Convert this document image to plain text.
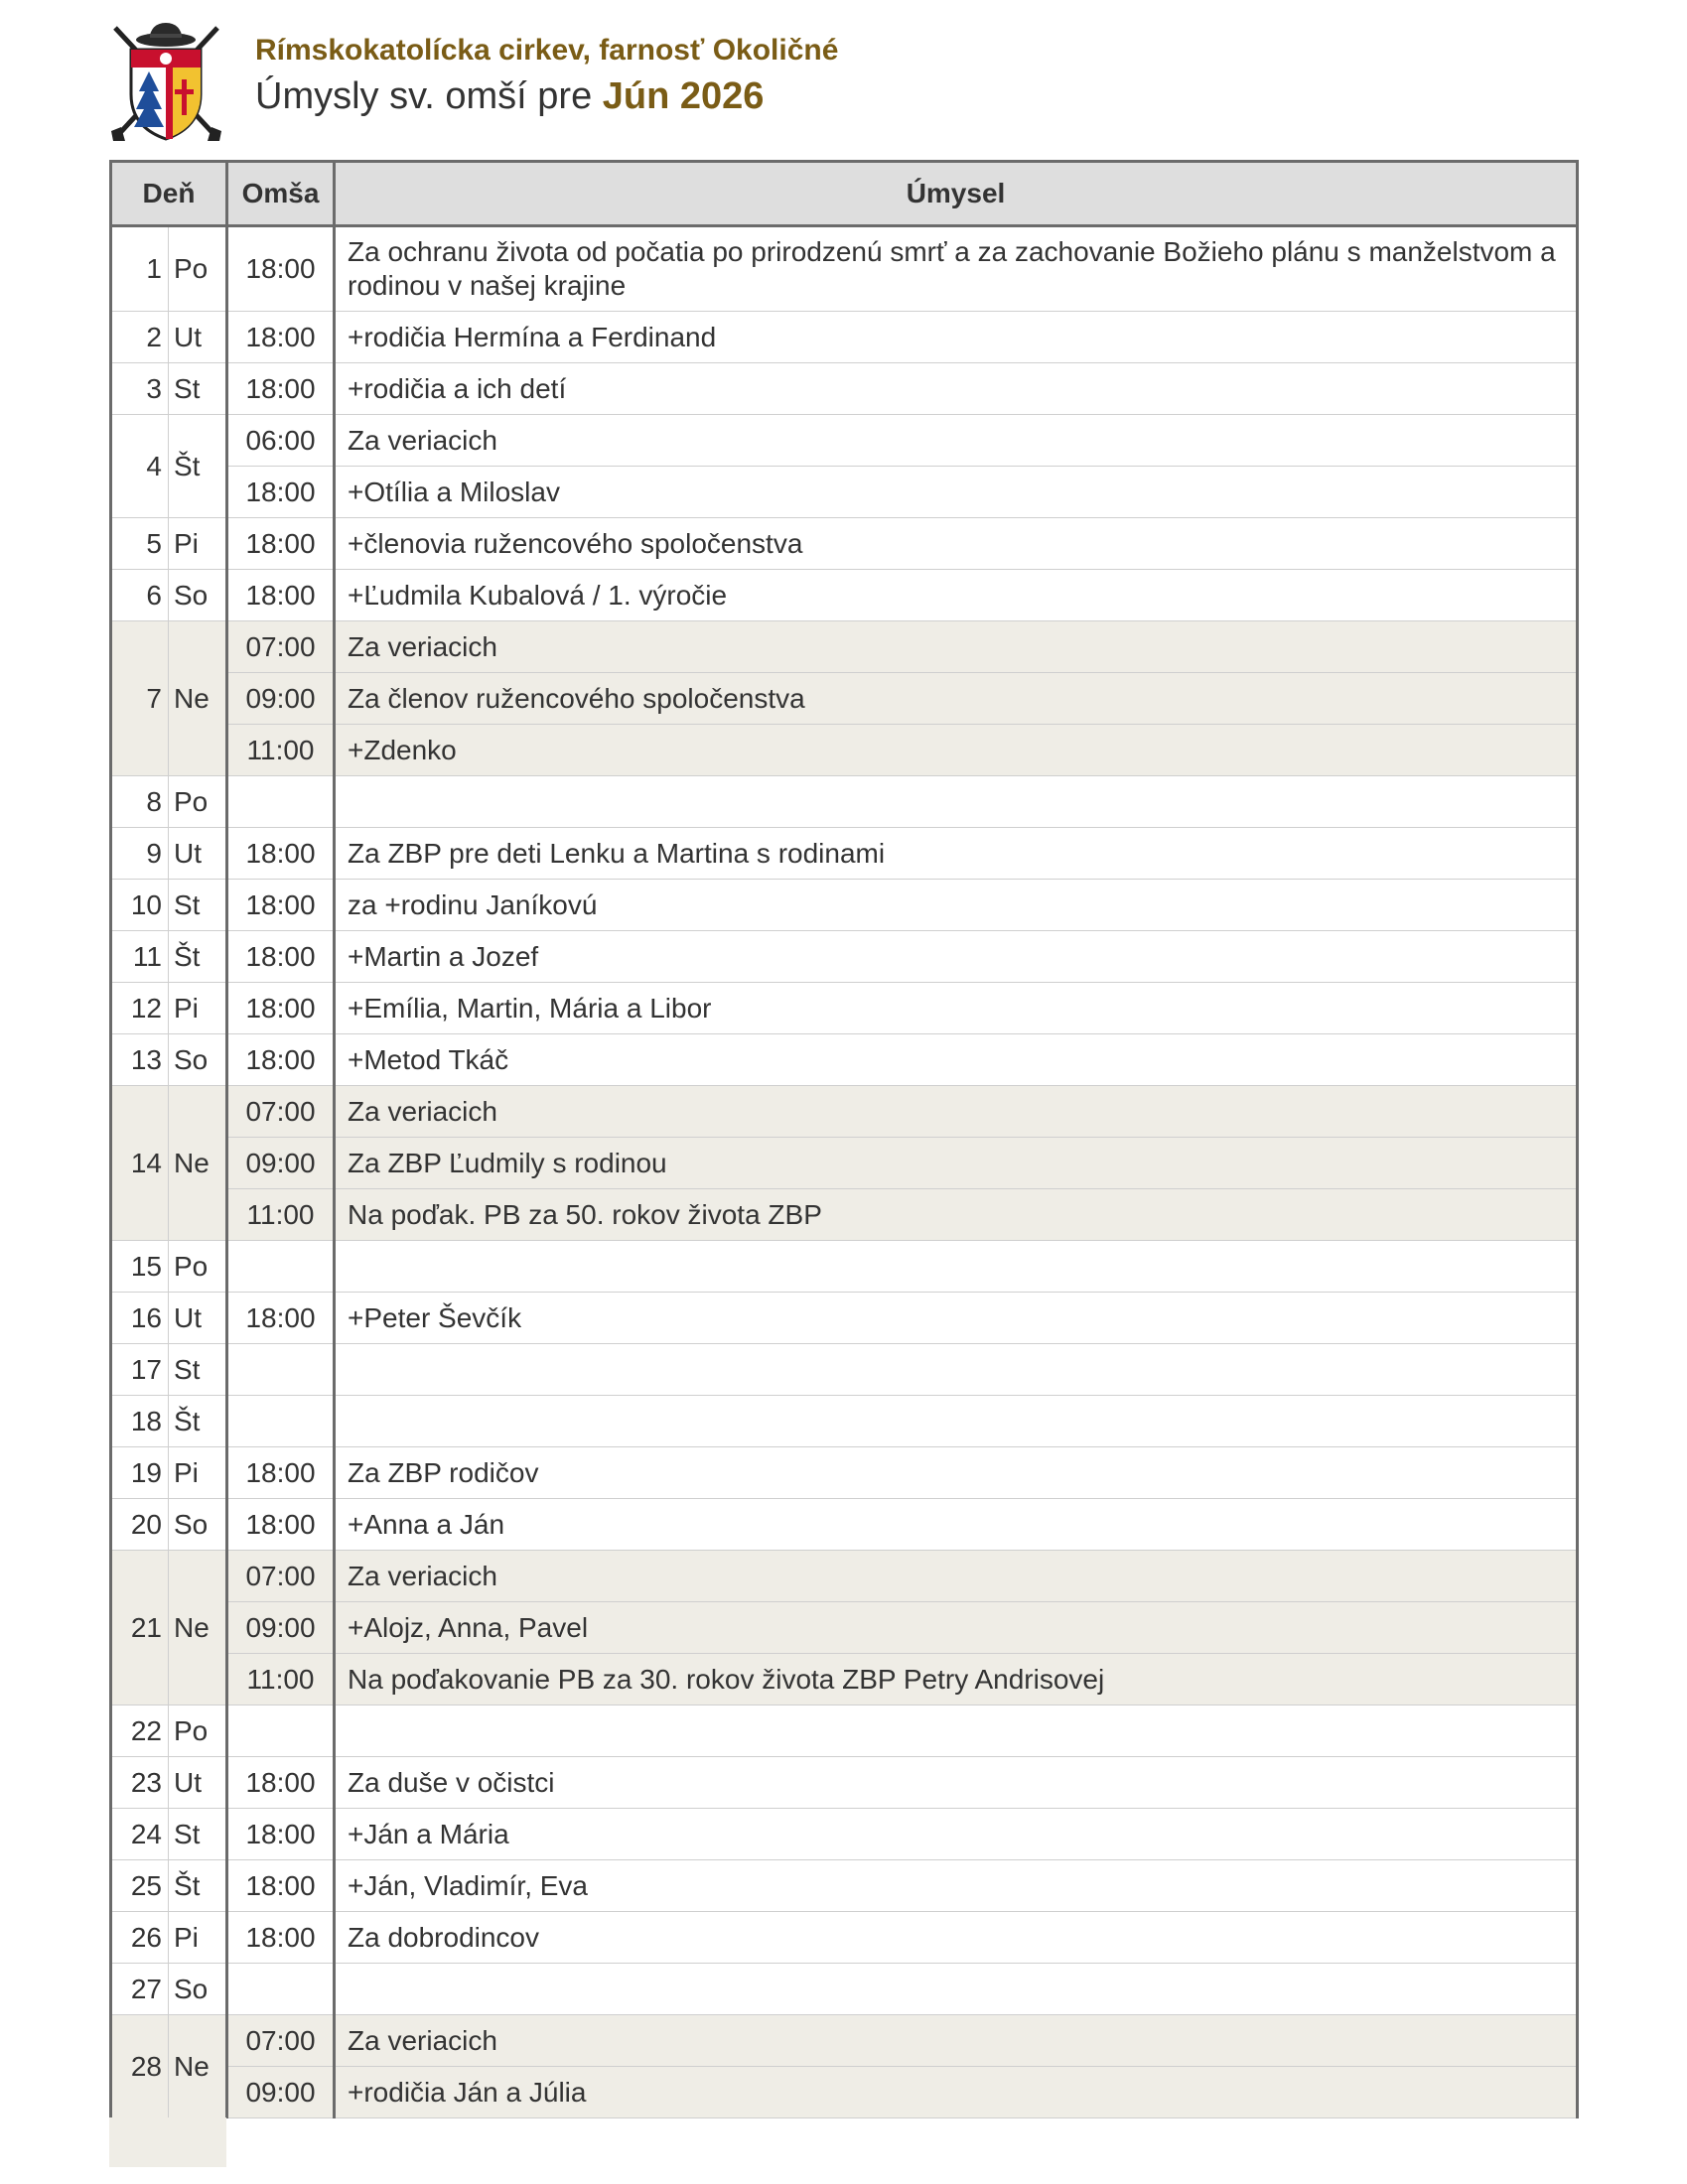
Rímskokatolícka cirkev, farnosť Okoličné
Úmysly sv. omší pre Jún 2026
Deň		Omša	Úmysel
1	Po	18:00	Za ochranu života od počatia po prirodzenú smrť a za zachovanie Božieho plánu s manželstvom a rodinou v našej krajine
2	Ut	18:00	+rodičia Hermína a Ferdinand
3	St	18:00	+rodičia a ich detí
4	Št	06:00	Za veriacich
		18:00	+Otília a Miloslav
5	Pi	18:00	+členovia ružencového spoločenstva
6	So	18:00	+Ľudmila Kubalová / 1. výročie
7	Ne	07:00	Za veriacich
		09:00	Za členov ružencového spoločenstva
		11:00	+Zdenko
8	Po		
9	Ut	18:00	Za ZBP pre deti Lenku a Martina s rodinami
10	St	18:00	za +rodinu Janíkovú
11	Št	18:00	+Martin a Jozef
12	Pi	18:00	+Emília, Martin, Mária a Libor
13	So	18:00	+Metod Tkáč
14	Ne	07:00	Za veriacich
		09:00	Za ZBP Ľudmily s rodinou
		11:00	Na poďak. PB za 50. rokov života ZBP
15	Po		
16	Ut	18:00	+Peter Ševčík
17	St		
18	Št		
19	Pi	18:00	Za ZBP rodičov
20	So	18:00	+Anna a Ján
21	Ne	07:00	Za veriacich
		09:00	+Alojz, Anna, Pavel
		11:00	Na poďakovanie PB za 30. rokov života ZBP Petry Andrisovej
22	Po		
23	Ut	18:00	Za duše v očistci
24	St	18:00	+Ján a Mária
25	Št	18:00	+Ján, Vladimír, Eva
26	Pi	18:00	Za dobrodincov
27	So		
28	Ne	07:00	Za veriacich
		09:00	+rodičia Ján a Júlia
